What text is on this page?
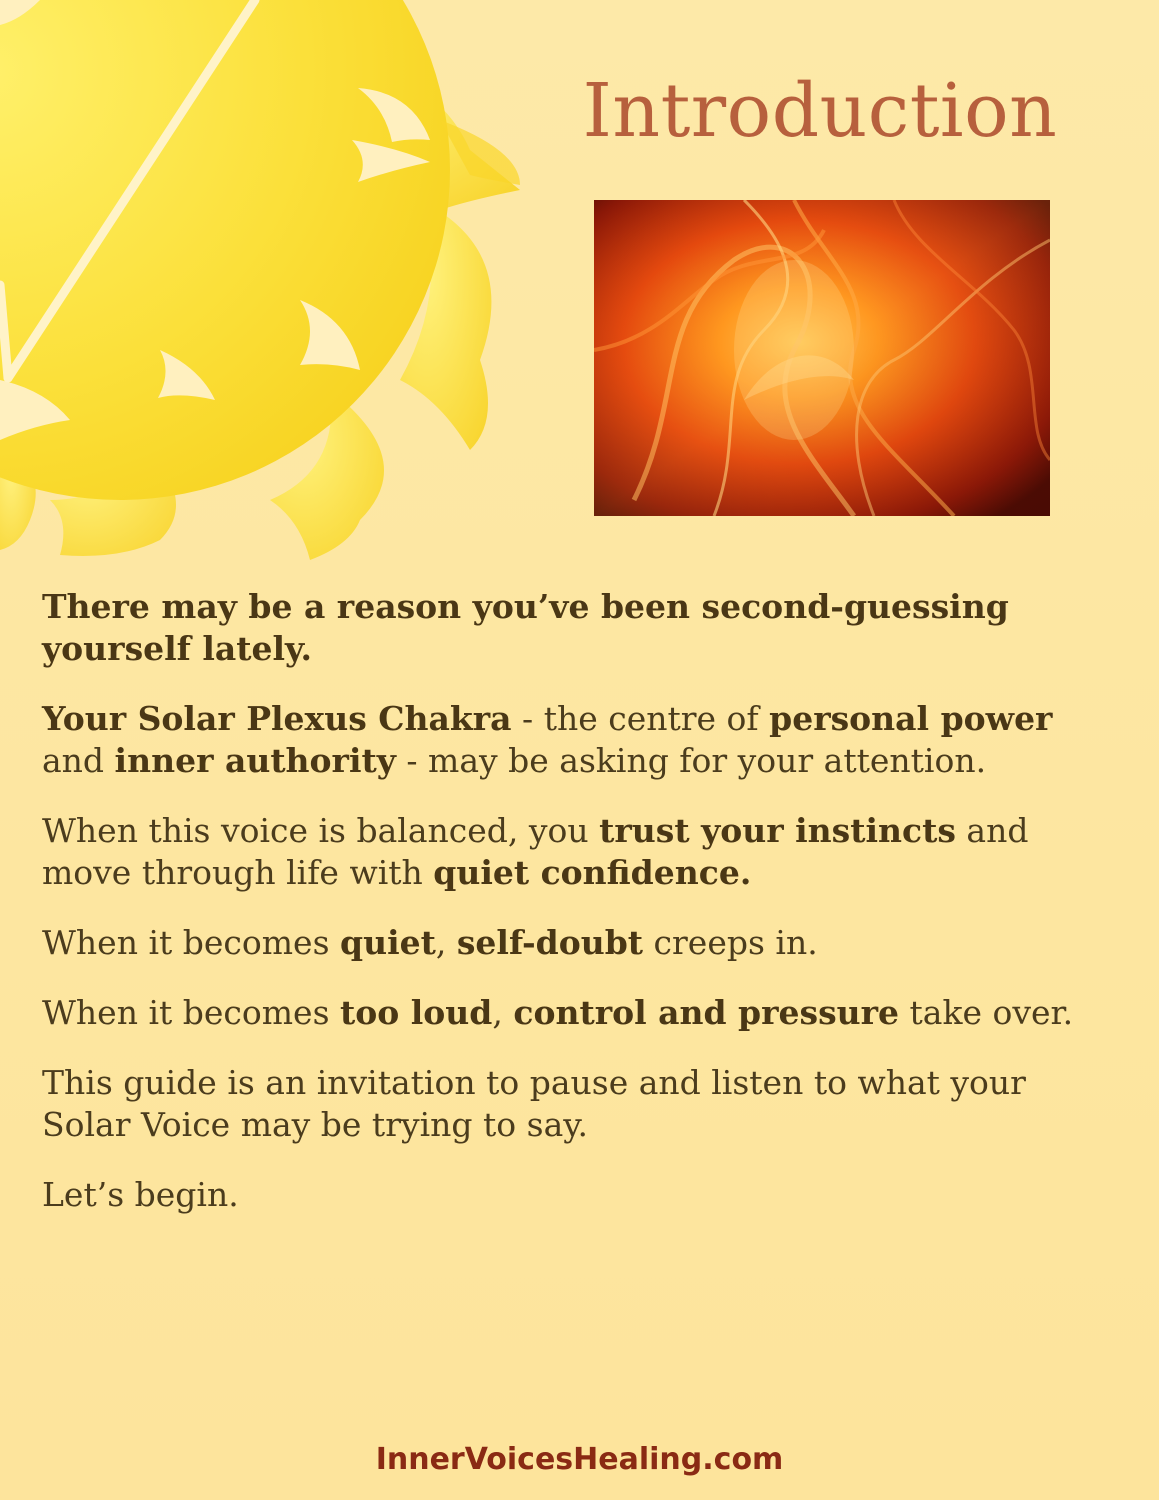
Introduction

There may be a reason you’ve been second-guessing yourself lately.

Your Solar Plexus Chakra - the centre of personal power and inner authority - may be asking for your attention.

When this voice is balanced, you trust your instincts and move through life with quiet confidence.

When it becomes quiet, self-doubt creeps in.

When it becomes too loud, control and pressure take over.

This guide is an invitation to pause and listen to what your Solar Voice may be trying to say.

Let’s begin.

InnerVoicesHealing.com
